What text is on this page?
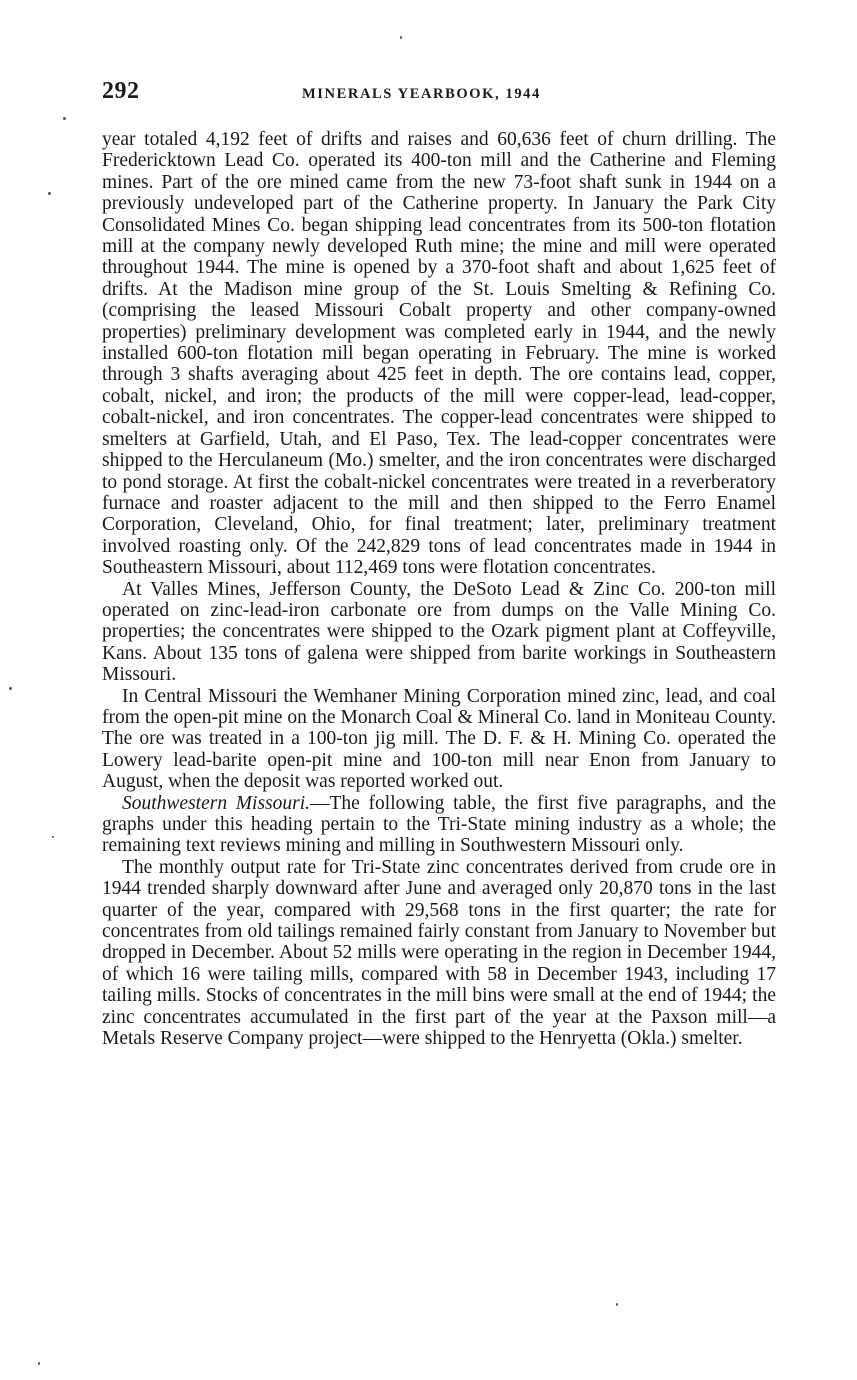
292	MINERALS YEARBOOK, 1944

year totaled 4,192 feet of drifts and raises and 60,636 feet of churn drilling. The Fredericktown Lead Co. operated its 400-ton mill and the Catherine and Fleming mines. Part of the ore mined came from the new 73-foot shaft sunk in 1944 on a previously undeveloped part of the Catherine property. In January the Park City Consolidated Mines Co. began shipping lead concentrates from its 500-ton flotation mill at the company newly developed Ruth mine; the mine and mill were operated throughout 1944. The mine is opened by a 370-foot shaft and about 1,625 feet of drifts. At the Madison mine group of the St. Louis Smelting & Refining Co. (comprising the leased Missouri Cobalt property and other company-owned properties) preliminary development was completed early in 1944, and the newly installed 600-ton flotation mill began operating in February. The mine is worked through 3 shafts averaging about 425 feet in depth. The ore contains lead, copper, cobalt, nickel, and iron; the products of the mill were copper-lead, lead-copper, cobalt-nickel, and iron concentrates. The copper-lead concentrates were shipped to smelters at Garfield, Utah, and El Paso, Tex. The lead-copper concentrates were shipped to the Herculaneum (Mo.) smelter, and the iron concentrates were discharged to pond storage. At first the cobalt-nickel concentrates were treated in a reverberatory furnace and roaster adjacent to the mill and then shipped to the Ferro Enamel Corporation, Cleveland, Ohio, for final treatment; later, preliminary treatment involved roasting only. Of the 242,829 tons of lead concentrates made in 1944 in Southeastern Missouri, about 112,469 tons were flotation concentrates.

At Valles Mines, Jefferson County, the DeSoto Lead & Zinc Co. 200-ton mill operated on zinc-lead-iron carbonate ore from dumps on the Valle Mining Co. properties; the concentrates were shipped to the Ozark pigment plant at Coffeyville, Kans. About 135 tons of galena were shipped from barite workings in Southeastern Missouri.

In Central Missouri the Wemhaner Mining Corporation mined zinc, lead, and coal from the open-pit mine on the Monarch Coal & Mineral Co. land in Moniteau County. The ore was treated in a 100-ton jig mill. The D. F. & H. Mining Co. operated the Lowery lead-barite open-pit mine and 100-ton mill near Enon from January to August, when the deposit was reported worked out.

Southwestern Missouri.—The following table, the first five paragraphs, and the graphs under this heading pertain to the Tri-State mining industry as a whole; the remaining text reviews mining and milling in Southwestern Missouri only.

The monthly output rate for Tri-State zinc concentrates derived from crude ore in 1944 trended sharply downward after June and averaged only 20,870 tons in the last quarter of the year, compared with 29,568 tons in the first quarter; the rate for concentrates from old tailings remained fairly constant from January to November but dropped in December. About 52 mills were operating in the region in December 1944, of which 16 were tailing mills, compared with 58 in December 1943, including 17 tailing mills. Stocks of concentrates in the mill bins were small at the end of 1944; the zinc concentrates accumulated in the first part of the year at the Paxson mill—a Metals Reserve Company project—were shipped to the Henryetta (Okla.) smelter.
